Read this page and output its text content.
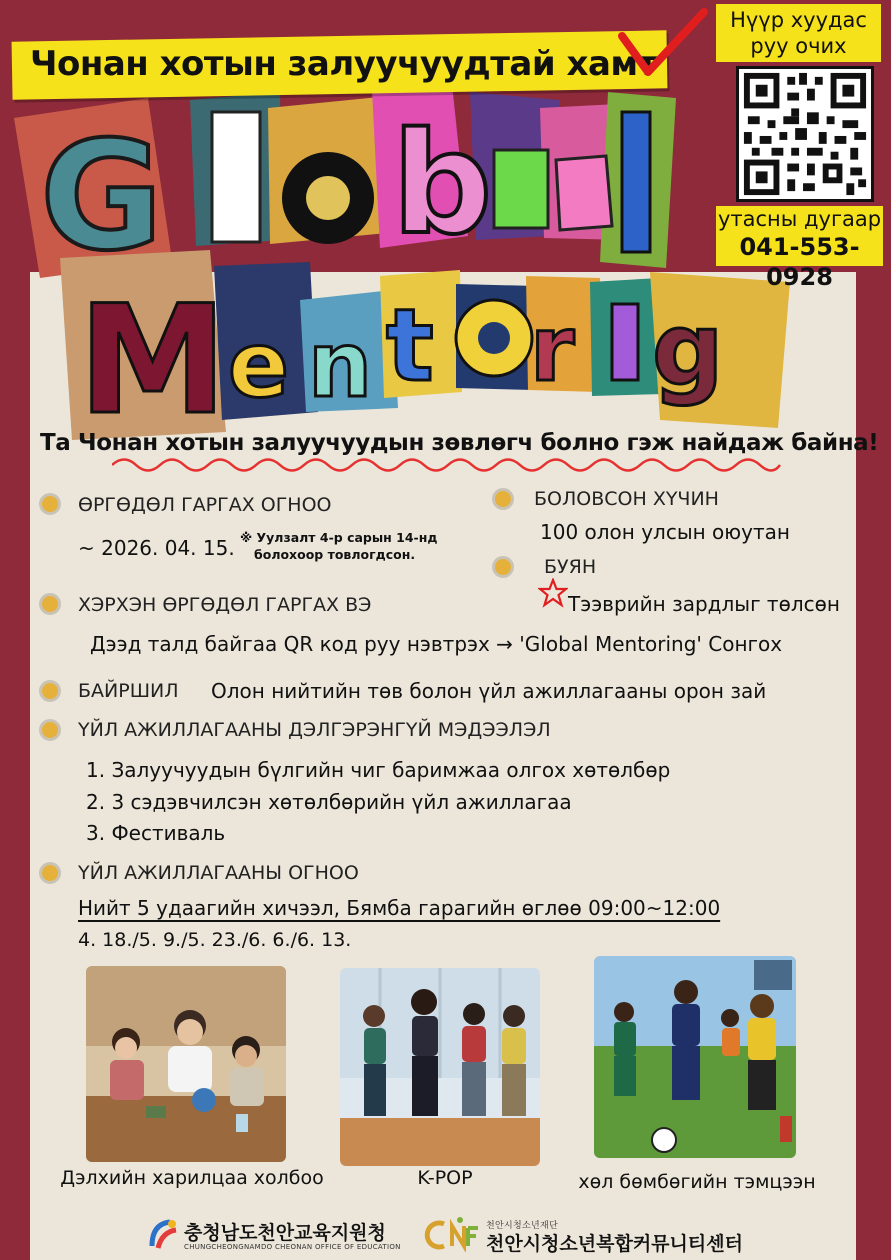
G b
M e n t r g
Чонан хотын залуучуудтай хамт
Нүүр хуудас руу очих
утасны дугаар
041-553-0928
Та Чонан хотын залуучуудын зөвлөгч болно гэж найдаж байна!
ӨРГӨДӨЛ ГАРГАХ ОГНОО
~ 2026. 04. 15. ※ Уулзалт 4-р сарын 14-нд
болохоор товлогдсон.
БОЛОВСОН ХҮЧИН
100 олон улсын оюутан
БУЯН
Тээврийн зардлыг төлсөн
ХЭРХЭН ӨРГӨДӨЛ ГАРГАХ ВЭ
Дээд талд байгаа QR код руу нэвтрэх → 'Global Mentoring' Сонгох
БАЙРШИЛ Олон нийтийн төв болон үйл ажиллагааны орон зай
ҮЙЛ АЖИЛЛАГААНЫ ДЭЛГЭРЭНГҮЙ МЭДЭЭЛЭЛ
1. Залуучуудын бүлгийн чиг баримжаа олгох хөтөлбөр
2. 3 сэдэвчилсэн хөтөлбөрийн үйл ажиллагаа
3. Фестиваль
ҮЙЛ АЖИЛЛАГААНЫ ОГНОО
Нийт 5 удаагийн хичээл, Бямба гарагийн өглөө 09:00~12:00
4. 18./5. 9./5. 23./6. 6./6. 13.
Дэлхийн харилцаа холбоо	K-POP	хөл бөмбөгийн тэмцээн
충청남도천안교육지원청
CHUNGCHEONGNAMDO CHEONAN OFFICE OF EDUCATION
천안시청소년재단
천안시청소년복합커뮤니티센터
